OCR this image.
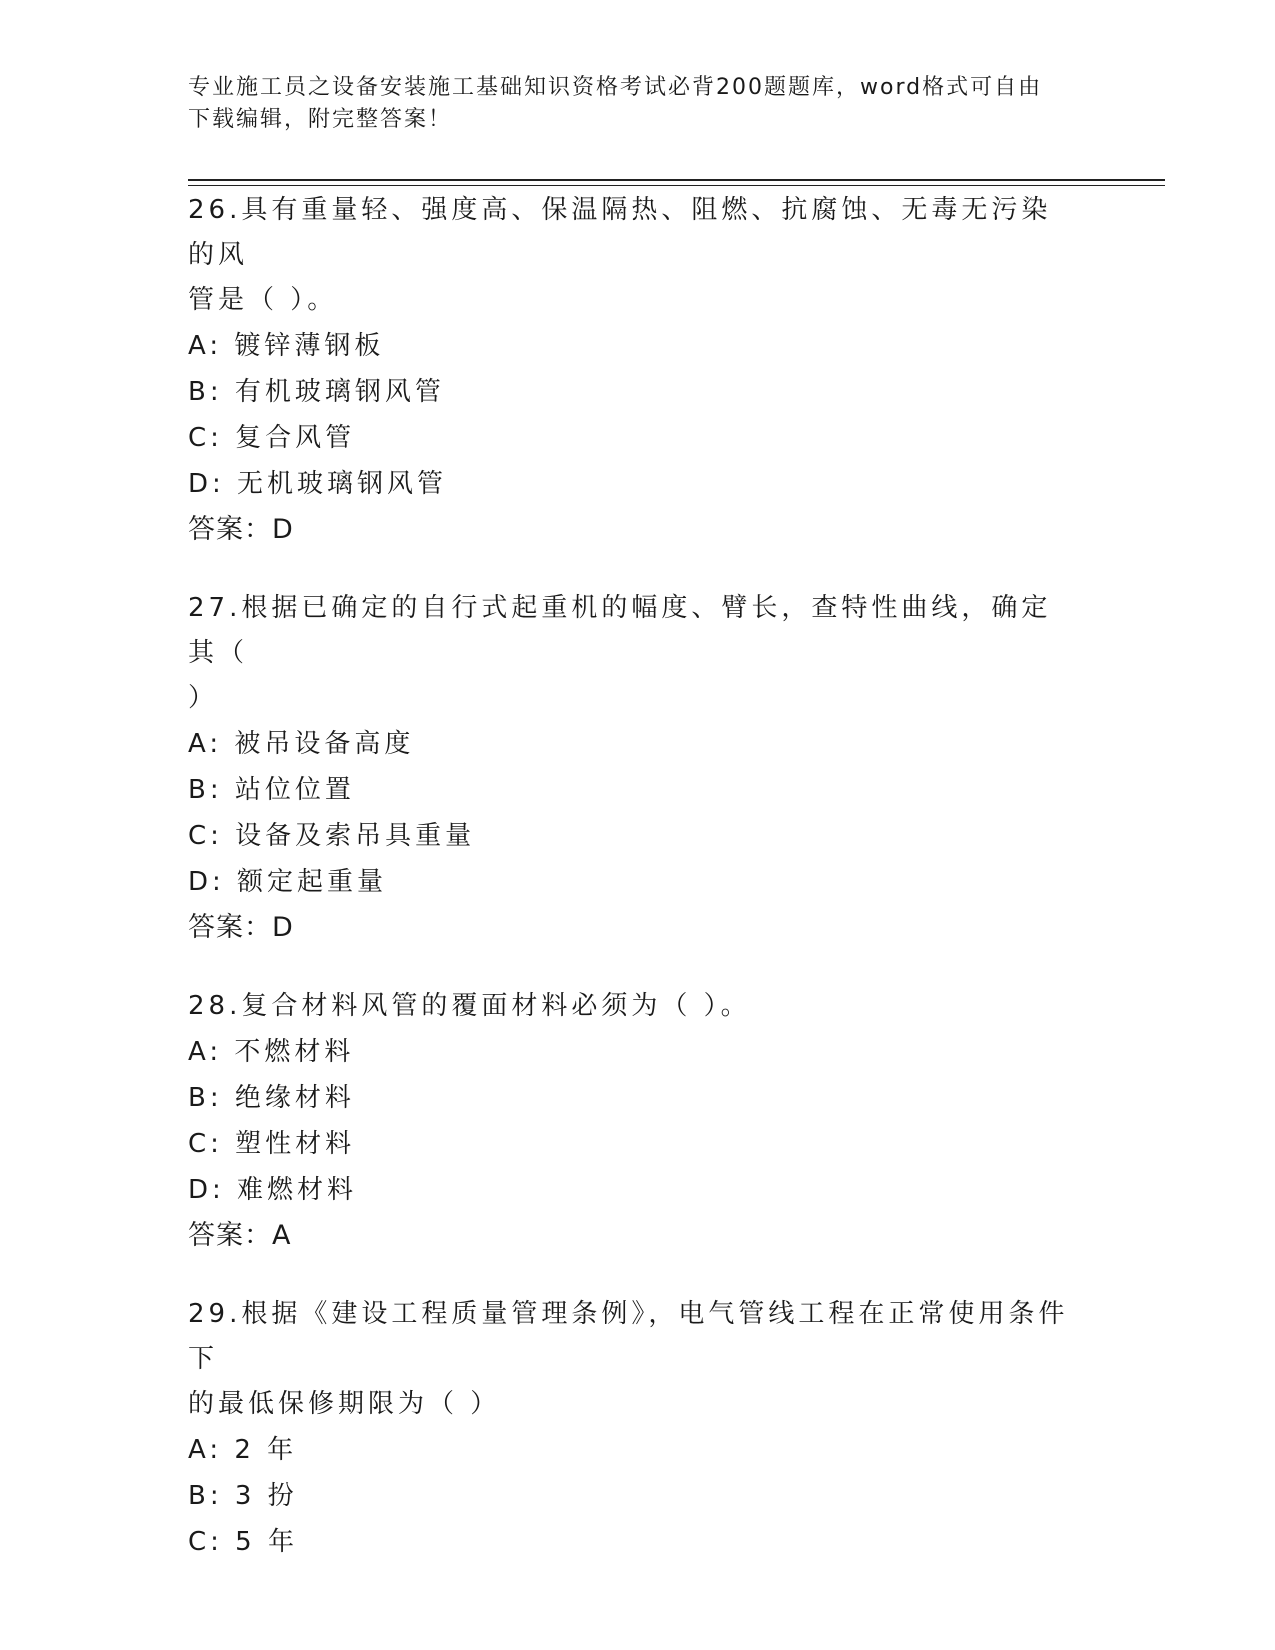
专业施工员之设备安装施工基础知识资格考试必背200题题库，word格式可自由
下载编辑，附完整答案！
26.具有重量轻、强度高、保温隔热、阻燃、抗腐蚀、无毒无污染的风
管是（ ）。
A: 镀锌薄钢板
B: 有机玻璃钢风管
C: 复合风管
D: 无机玻璃钢风管
答案：D
27.根据已确定的自行式起重机的幅度、臂长，查特性曲线，确定其（
）
A: 被吊设备高度
B: 站位位置
C: 设备及索吊具重量
D: 额定起重量
答案：D
28.复合材料风管的覆面材料必须为（ ）。
A: 不燃材料
B: 绝缘材料
C: 塑性材料
D: 难燃材料
答案：A
29.根据《建设工程质量管理条例》，电气管线工程在正常使用条件下
的最低保修期限为（ ）
A: 2 年
B: 3 扮
C: 5 年
